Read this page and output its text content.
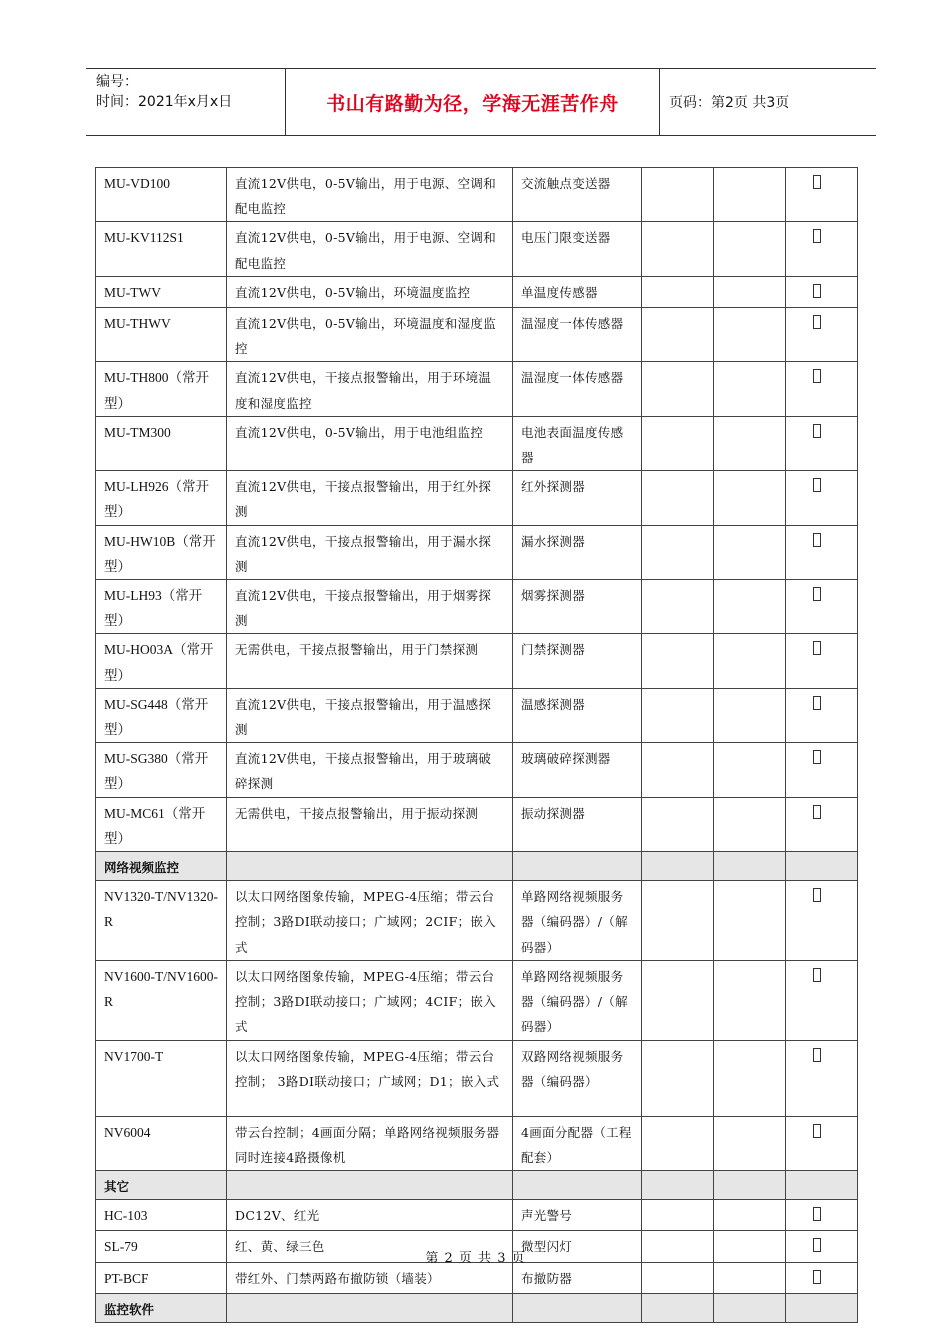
编号：
时间：2021年x月x日	书山有路勤为径，学海无涯苦作舟	页码：第2页 共3页
MU-VD100	直流12V供电，0-5V输出，用于电源、空调和配电监控	交流触点变送器			
MU-KV112S1	直流12V供电，0-5V输出，用于电源、空调和配电监控	电压门限变送器			
MU-TWV	直流12V供电，0-5V输出，环境温度监控	单温度传感器			
MU-THWV	直流12V供电，0-5V输出，环境温度和湿度监控	温湿度一体传感器			
MU-TH800（常开型）	直流12V供电，干接点报警输出，用于环境温度和湿度监控	温湿度一体传感器			
MU-TM300	直流12V供电，0-5V输出，用于电池组监控	电池表面温度传感器			
MU-LH926（常开型）	直流12V供电，干接点报警输出，用于红外探测	红外探测器			
MU-HW10B（常开型）	直流12V供电，干接点报警输出，用于漏水探测	漏水探测器			
MU-LH93（常开型）	直流12V供电，干接点报警输出，用于烟雾探测	烟雾探测器			
MU-HO03A（常开型）	无需供电，干接点报警输出，用于门禁探测	门禁探测器			
MU-SG448（常开型）	直流12V供电，干接点报警输出，用于温感探测	温感探测器			
MU-SG380（常开型）	直流12V供电，干接点报警输出，用于玻璃破碎探测	玻璃破碎探测器			
MU-MC61（常开型）	无需供电，干接点报警输出，用于振动探测	振动探测器			
网络视频监控					
NV1320-T/NV1320-R	以太口网络图象传输，MPEG-4压缩；带云台控制；3路DI联动接口；广域网；2CIF；嵌入式	单路网络视频服务器（编码器）/（解码器）			
NV1600-T/NV1600-R	以太口网络图象传输，MPEG-4压缩；带云台控制；3路DI联动接口；广域网；4CIF；嵌入式	单路网络视频服务器（编码器）/（解码器）			
NV1700-T	以太口网络图象传输，MPEG-4压缩；带云台控制； 3路DI联动接口；广域网；D1；嵌入式	双路网络视频服务器（编码器）			
NV6004	带云台控制；4画面分隔；单路网络视频服务器同时连接4路摄像机	4画面分配器（工程配套）			
其它					
HC-103	DC12V、红光	声光警号			
SL-79	红、黄、绿三色	微型闪灯			
PT-BCF	带红外、门禁两路布撤防锁（墙装）	布撤防器			
监控软件					
第 2 页 共 3 页
